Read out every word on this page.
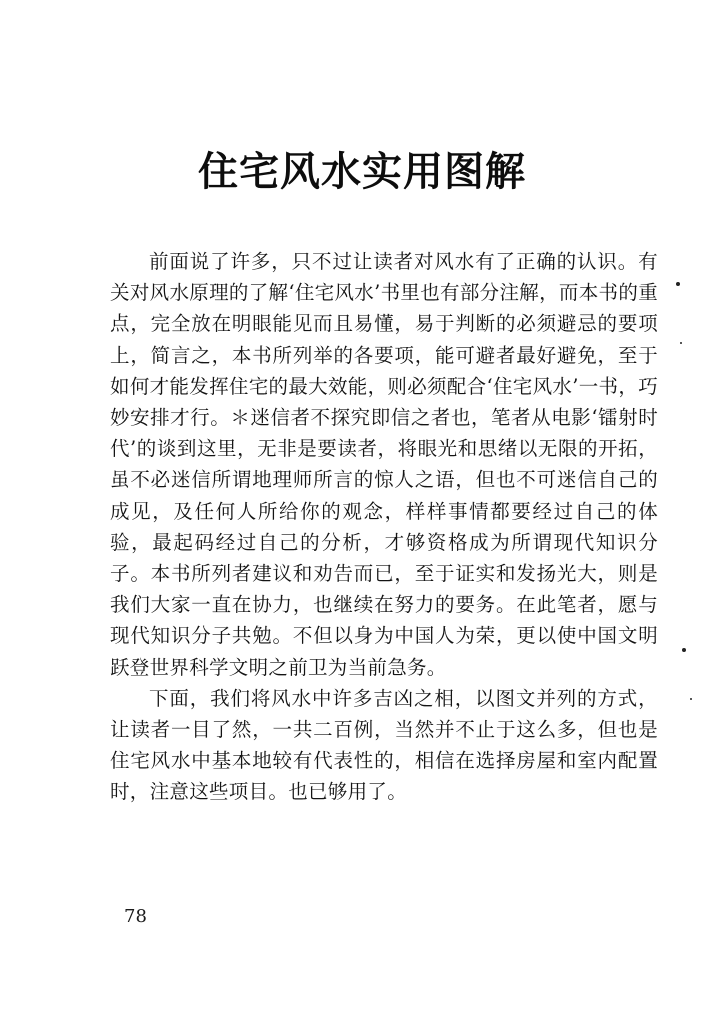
住宅风水实用图解

前面说了许多，只不过让读者对风水有了正确的认识。有关对风水原理的了解‘住宅风水’书里也有部分注解，而本书的重点，完全放在明眼能见而且易懂，易于判断的必须避忌的要项上，简言之，本书所列举的各要项，能可避者最好避免，至于如何才能发挥住宅的最大效能，则必须配合‘住宅风水’一书，巧妙安排才行。＊迷信者不探究即信之者也，笔者从电影‘镭射时代’的谈到这里，无非是要读者，将眼光和思绪以无限的开拓，虽不必迷信所谓地理师所言的惊人之语，但也不可迷信自己的成见，及任何人所给你的观念，样样事情都要经过自己的体验，最起码经过自己的分析，才够资格成为所谓现代知识分子。本书所列者建议和劝告而已，至于证实和发扬光大，则是我们大家一直在协力，也继续在努力的要务。在此笔者，愿与现代知识分子共勉。不但以身为中国人为荣，更以使中国文明跃登世界科学文明之前卫为当前急务。

下面，我们将风水中许多吉凶之相，以图文并列的方式，让读者一目了然，一共二百例，当然并不止于这么多，但也是住宅风水中基本地较有代表性的，相信在选择房屋和室内配置时，注意这些项目。也已够用了。

78
